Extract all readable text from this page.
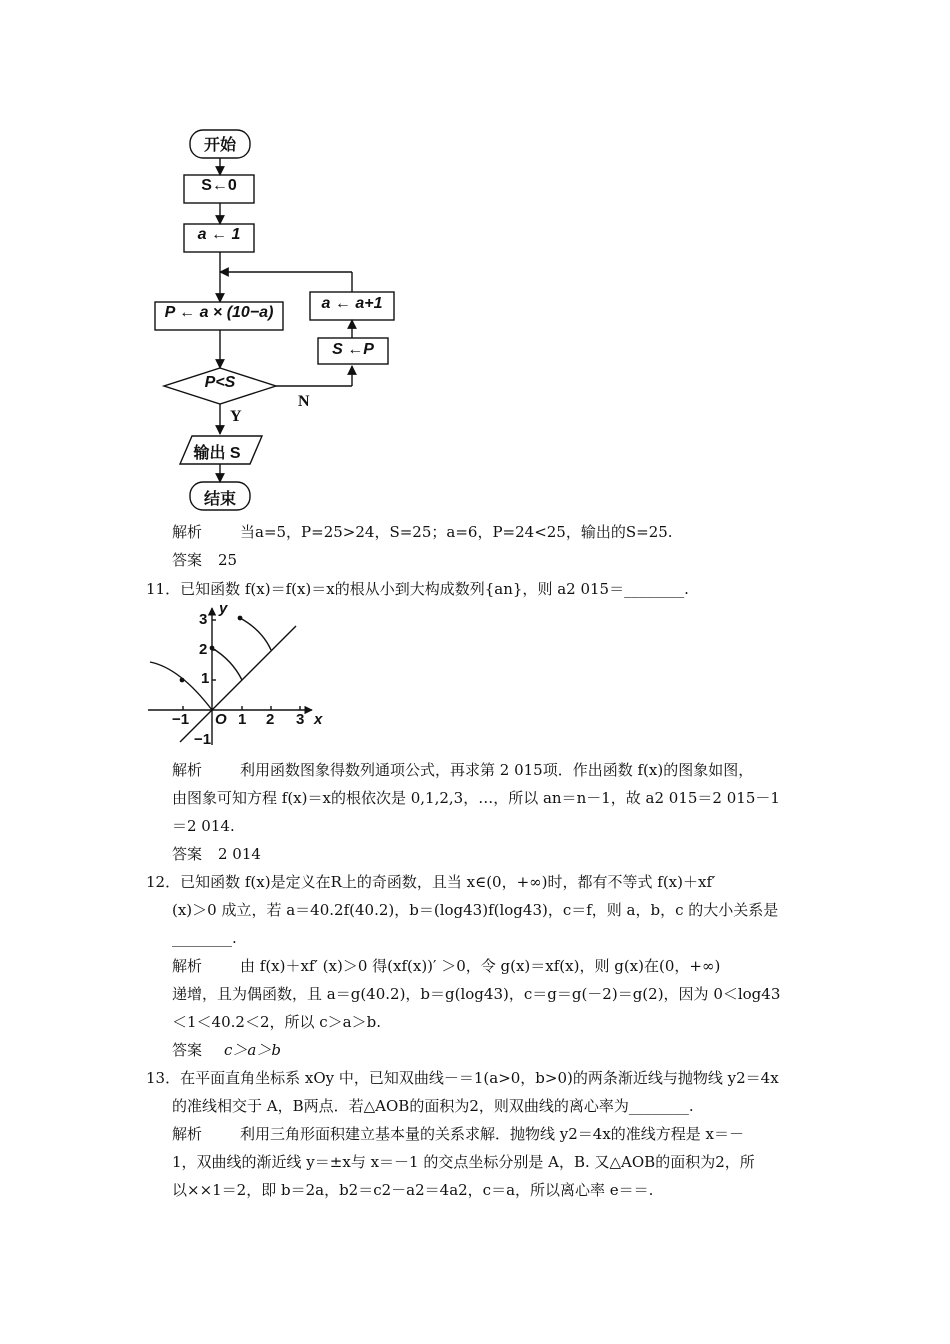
开始
S←0
a ← 1
P ← a × (10−a)
a ← a+1
S ←P
P<S
Y
N
输出 S
结束
解析	当a=5，P=25>24，S=25；a=6，P=24<25，输出的S=25.
答案 25
11．已知函数 f(x)＝f(x)＝x的根从小到大构成数列{an}，则 a2 015＝________.
y
x
O
−1	1 2 3
3
2
1
−1
解析	利用函数图象得数列通项公式，再求第 2 015项．作出函数 f(x)的图象如图，
由图象可知方程 f(x)＝x的根依次是 0,1,2,3，…，所以 an＝n－1，故 a2 015＝2 015－1
＝2 014.
答案 2 014
12．已知函数 f(x)是定义在R上的奇函数，且当 x∈(0，+∞)时，都有不等式 f(x)＋xf′
(x)＞0 成立，若 a＝40.2f(40.2)，b＝(log43)f(log43)，c＝f，则 a，b，c 的大小关系是
________.
解析	由 f(x)＋xf′ (x)＞0 得(xf(x))′ ＞0，令 g(x)＝xf(x)，则 g(x)在(0，+∞)
递增，且为偶函数，且 a＝g(40.2)，b＝g(log43)，c＝g＝g(－2)＝g(2)，因为 0＜log43
＜1＜40.2＜2，所以 c＞a＞b.
答案 c＞a＞b
13．在平面直角坐标系 xOy 中，已知双曲线－＝1(a>0，b>0)的两条渐近线与抛物线 y2＝4x
的准线相交于 A，B两点．若△AOB的面积为2，则双曲线的离心率为________.
解析	利用三角形面积建立基本量的关系求解．抛物线 y2＝4x的准线方程是 x＝－
1，双曲线的渐近线 y＝±x与 x＝－1 的交点坐标分别是 A，B. 又△AOB的面积为2，所
以××1＝2，即 b＝2a，b2＝c2－a2＝4a2，c＝a，所以离心率 e＝＝.
